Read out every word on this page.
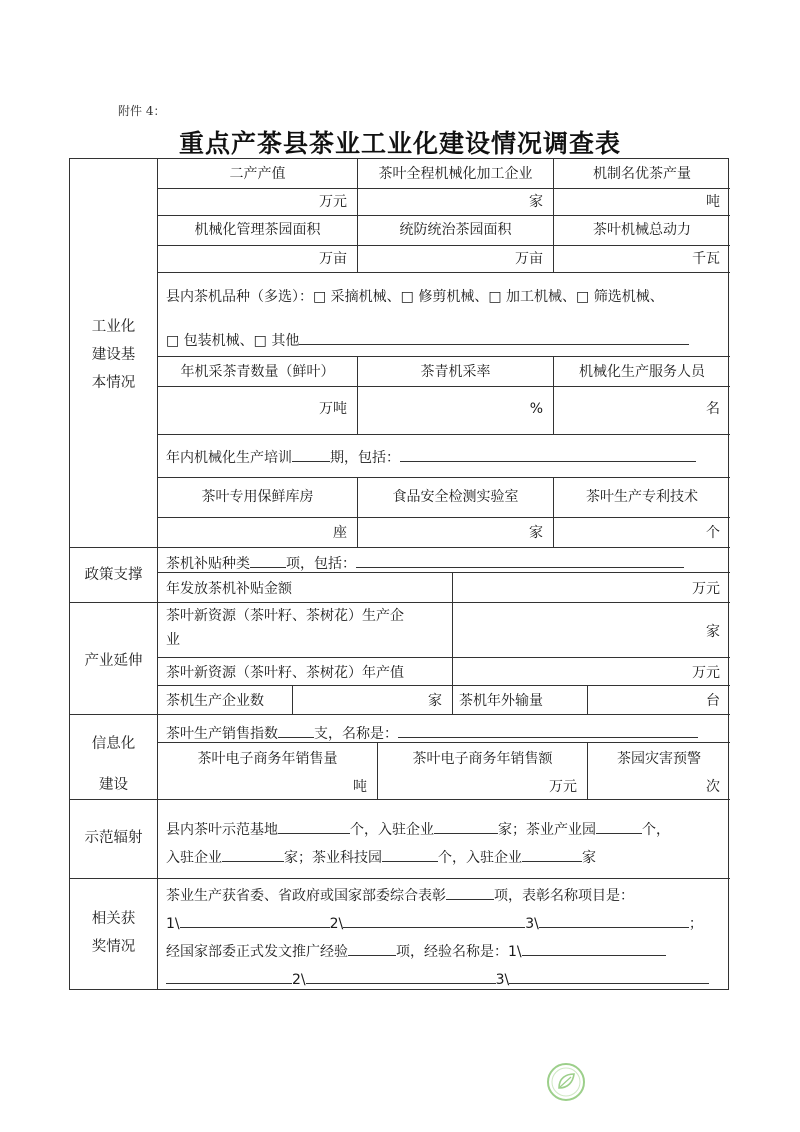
附件 4：
重点产茶县茶业工业化建设情况调查表
工业化
建设基
本情况
二产产值	茶叶全程机械化加工企业	机制名优茶产量
万元	家	吨
机械化管理茶园面积	统防统治茶园面积	茶叶机械总动力
万亩	万亩	千瓦
县内茶机品种（多选）：□ 采摘机械、□ 修剪机械、□ 加工机械、□ 筛选机械、
□ 包装机械、□ 其他
年机采茶青数量（鲜叶）	茶青机采率	机械化生产服务人员
万吨	%	名
年内机械化生产培训	期，包括：
茶叶专用保鲜库房	食品安全检测实验室	茶叶生产专利技术
座	家	个
政策支撑
茶机补贴种类	项，包括：
年发放茶机补贴金额	万元
产业延伸
茶叶新资源（茶叶籽、茶树花）生产企
业	家
茶叶新资源（茶叶籽、茶树花）年产值	万元
茶机生产企业数	家	茶机年外输量	台
信息化
建设
茶叶生产销售指数	支，名称是：
茶叶电子商务年销售量	茶叶电子商务年销售额	茶园灾害预警
吨	万元	次
示范辐射	县内茶叶示范基地	个，入驻企业	家；茶业产业园	个，
入驻企业	家；茶业科技园	个，入驻企业	家
相关获
奖情况
茶业生产获省委、省政府或国家部委综合表彰	项，表彰名称项目是：
1\	2\	3\	；
经国家部委正式发文推广经验	项，经验名称是：1\
2\	3\
